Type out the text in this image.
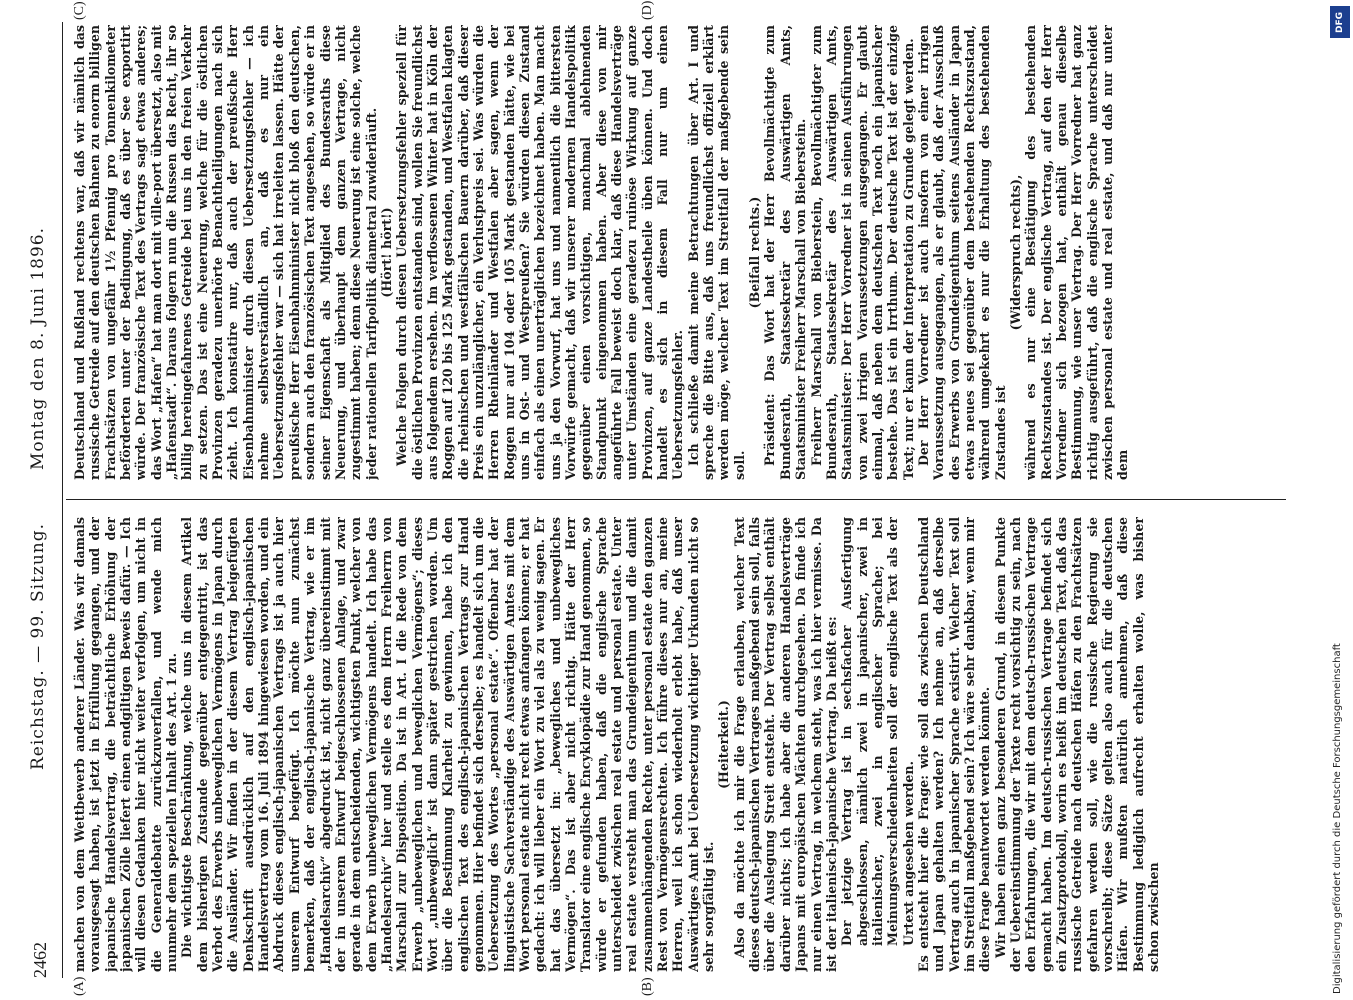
2462
Reichstag. — 99. Sitzung.
Montag den 8. Juni 1896.
(A)	(B)
(C)	(D)

machen von dem Wettbewerb anderer Länder. Was wir damals vorausgesagt haben, ist jetzt in Erfüllung gegangen, und der japanische Handelsvertrag, die beträchtliche Erhöhung der japanischen Zölle liefert einen endgiltigen Beweis dafür. — Ich will diesen Gedanken hier nicht weiter verfolgen, um nicht in die Generaldebatte zurückzuverfallen, und wende mich nunmehr dem speziellen Inhalt des Art. 1 zu. Die wichtigste Beschränkung, welche uns in diesem Artikel dem bisherigen Zustande gegenüber entgegentritt, ist das Verbot des Erwerbs unbeweglichen Vermögens in Japan durch die Ausländer. Wir finden in der diesem Vertrag beigefügten Denkschrift ausdrücklich auf den englisch-japanischen Handelsvertrag vom 16. Juli 1894 hingewiesen worden, und ein Abdruck dieses englisch-japanischen Vertrags ist ja auch hier unserem Entwurf beigefügt. Ich möchte nun zunächst bemerken, daß der englisch-japanische Vertrag, wie er im „Handelsarchiv“ abgedruckt ist, nicht ganz übereinstimmt mit der in unserem Entwurf beigeschlossenen Anlage, und zwar gerade in dem entscheidenden, wichtigsten Punkt, welcher von dem Erwerb unbeweglichen Vermögens handelt. Ich habe das „Handelsarchiv“ hier und stelle es dem Herrn Freiherrn von Marschall zur Disposition. Da ist in Art. I die Rede von dem Erwerb „unbeweglichen und beweglichen Vermögens“; dieses Wort „unbeweglich“ ist dann später gestrichen worden. Um über die Bestimmung Klarheit zu gewinnen, habe ich den englischen Text des englisch-japanischen Vertrags zur Hand genommen. Hier befindet sich derselbe; es handelt sich um die Uebersetzung des Wortes „personal estate“. Offenbar hat der linguistische Sachverständige des Auswärtigen Amtes mit dem Wort personal estate nicht recht etwas anfangen können; er hat gedacht: ich will lieber ein Wort zu viel als zu wenig sagen. Er hat das übersetzt in: „bewegliches und unbewegliches Vermögen“. Das ist aber nicht richtig. Hätte der Herr Translator eine englische Encyklopädie zur Hand genommen, so würde er gefunden haben, daß die englische Sprache unterscheidet zwischen real estate und personal estate. Unter real estate versteht man das Grundeigenthum und die damit zusammenhängenden Rechte, unter personal estate den ganzen Rest von Vermögensrechten. Ich führe dieses nur an, meine Herren, weil ich schon wiederholt erlebt habe, daß unser Auswärtiges Amt bei Uebersetzung wichtiger Urkunden nicht so sehr sorgfältig ist.

(Heiterkeit.) Also da möchte ich mir die Frage erlauben, welcher Text dieses deutsch-japanischen Vertrages maßgebend sein soll, falls über die Auslegung Streit entsteht. Der Vertrag selbst enthält darüber nichts; ich habe aber die anderen Handelsverträge Japans mit europäischen Mächten durchgesehen. Da finde ich nur einen Vertrag, in welchem steht, was ich hier vermisse. Da ist der italienisch-japanische Vertrag. Da heißt es: Der jetzige Vertrag ist in sechsfacher Ausfertigung abgeschlossen, nämlich zwei in japanischer, zwei in italienischer, zwei in englischer Sprache; bei Meinungsverschiedenheiten soll der englische Text als der Urtext angesehen werden. Es entsteht hier die Frage: wie soll das zwischen Deutschland und Japan gehalten werden? Ich nehme an, daß derselbe Vertrag auch in japanischer Sprache existirt. Welcher Text soll im Streitfall maßgebend sein? Ich wäre sehr dankbar, wenn mir diese Frage beantwortet werden könnte. Wir haben einen ganz besonderen Grund, in diesem Punkte der Uebereinstimmung der Texte recht vorsichtig zu sein, nach den Erfahrungen, die wir mit dem deutsch-russischen Vertrage gemacht haben. Im deutsch-russischen Vertrage befindet sich ein Zusatzprotokoll, worin es heißt im deutschen Text, daß das russische Getreide nach deutschen Häfen zu den Frachtsätzen gefahren werden soll, wie die russische Regierung sie vorschreibt; diese Sätze gelten also auch für die deutschen Häfen. Wir mußten natürlich annehmen, daß diese Bestimmung lediglich aufrecht erhalten wolle, was bisher schon zwischen

Deutschland und Rußland rechtens war, daß wir nämlich das russische Getreide auf den deutschen Bahnen zu enorm billigen Frachtsätzen von ungefähr 1½ Pfennig pro Tonnenkilometer beförderten unter der Bedingung, daß es über See exportirt würde. Der französische Text des Vertrags sagt etwas anderes; das Wort „Hafen“ hat man dort mit ville-port übersetzt, also mit „Hafenstadt“. Daraus folgern nun die Russen das Recht, ihr so billig hereingefahrenes Getreide bei uns in den freien Verkehr zu setzen. Das ist eine Neuerung, welche für die östlichen Provinzen geradezu unerhörte Benachtheiligungen nach sich zieht. Ich konstatire nur, daß auch der preußische Herr Eisenbahnminister durch diesen Uebersetzungsfehler — ich nehme selbstverständlich an, daß es nur ein Uebersetzungsfehler war — sich hat irreleiten lassen. Hätte der preußische Herr Eisenbahnminister nicht bloß den deutschen, sondern auch den französischen Text angesehen, so würde er in seiner Eigenschaft als Mitglied des Bundesraths diese Neuerung, und überhaupt dem ganzen Vertrage, nicht zugestimmt haben; denn diese Neuerung ist eine solche, welche jeder rationellen Tarifpolitik diametral zuwiderläuft. (Hört! hört!) Welche Folgen durch diesen Uebersetzungsfehler speziell für die östlichen Provinzen entstanden sind, wollen Sie freundlichst aus folgendem ersehen. Im verflossenen Winter hat in Köln der Roggen auf 120 bis 125 Mark gestanden, und Westfalen klagten die rheinischen und westfälischen Bauern darüber, daß dieser Preis ein unzulänglicher, ein Verlustpreis sei. Was würden die Herren Rheinländer und Westfalen aber sagen, wenn der Roggen nur auf 104 oder 105 Mark gestanden hätte, wie bei uns in Ost- und Westpreußen? Sie würden diesen Zustand einfach als einen unerträglichen bezeichnet haben. Man macht uns ja den Vorwurf, hat uns und namentlich die bittersten Vorwürfe gemacht, daß wir unserer modernen Handelspolitik gegenüber einen vorsichtigen, manchmal ablehnenden Standpunkt eingenommen haben. Aber diese von mir angeführte Fall beweist doch klar, daß diese Handelsverträge unter Umständen eine geradezu ruinöse Wirkung auf ganze Provinzen, auf ganze Landestheile üben können. Und doch handelt es sich in diesem Fall nur um einen Uebersetzungsfehler. Ich schließe damit meine Betrachtungen über Art. I und spreche die Bitte aus, daß uns freundlichst offiziell erklärt werden möge, welcher Text im Streitfall der maßgebende sein soll.

(Beifall rechts.) Präsident: Das Wort hat der Herr Bevollmächtigte zum Bundesrath, Staatssekretär des Auswärtigen Amts, Staatsminister Freiherr Marschall von Bieberstein. Freiherr Marschall von Bieberstein, Bevollmächtigter zum Bundesrath, Staatssekretär des Auswärtigen Amts, Staatsminister: Der Herr Vorredner ist in seinen Ausführungen von zwei irrigen Voraussetzungen ausgegangen. Er glaubt einmal, daß neben dem deutschen Text noch ein japanischer bestehe. Das ist ein Irrthum. Der deutsche Text ist der einzige Text; nur er kann der Interpretation zu Grunde gelegt werden. Der Herr Vorredner ist auch insofern von einer irrigen Voraussetzung ausgegangen, als er glaubt, daß der Ausschluß des Erwerbs von Grundeigenthum seitens Ausländer in Japan etwas neues sei gegenüber dem bestehenden Rechtszustand, während umgekehrt es nur die Erhaltung des bestehenden Zustandes ist

(Widerspruch rechts), während es nur eine Bestätigung des bestehenden Rechtszustandes ist. Der englische Vertrag, auf den der Herr Vorredner sich bezogen hat, enthält genau dieselbe Bestimmung, wie unser Vertrag. Der Herr Vorredner hat ganz richtig ausgeführt, daß die englische Sprache unterscheidet zwischen personal estate und real estate, und daß nur unter dem

DFG
Digitalisierung gefördert durch die Deutsche Forschungsgemeinschaft
